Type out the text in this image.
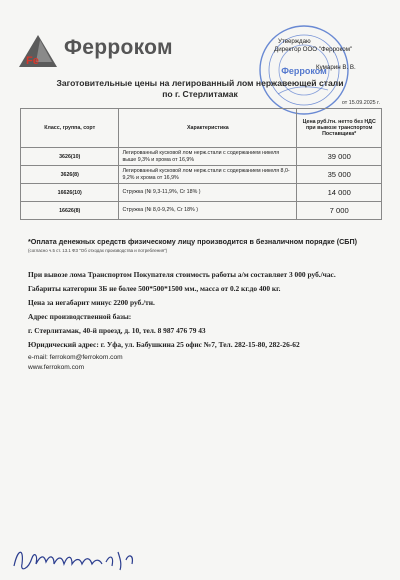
Fe
Ферроком
Ферроком
Утверждаю
Директор ООО "Ферроком"
Кумарин В. В.
Заготовительные цены на легированный лом нержавеющей стали
по г. Стерлитамак
от 15.09.2025 г.
Класс, группа, сорт	Характеристика	Цена руб./тн. нетто без НДС при вывозе транспортом Поставщика*
3626(10)	Легированный кусковой лом нерж.стали с содержанием никеля выше 9,3% и хрома от 16,9%	39 000
3626(8)	Легированный кусковой лом нерж.стали с содержанием никеля 8,0-9,2% и хрома от 16,9%	35 000
16626(10)	Стружка (Ni 9,3-11,9%, Cr 18% )	14 000
16626(8)	Стружка (Ni 8,0-9,2%, Cr 18% )	7 000
*Оплата денежных средств физическому лицу производится в безналичном порядке (СБП)
(согласно ч.5 ст. 13.1 ФЗ "Об отходах производства и потребления")
При вывозе лома Транспортом Покупателя стоимость работы а/м составляет 3 000 руб./час.
Габариты категории 3Б не более 500*500*1500 мм., масса от 0.2 кг.до 400 кг.
Цена за негабарит минус 2200 руб./тн.
Адрес производственной базы:
г. Стерлитамак, 40-й проезд, д. 10, тел. 8 987 476 79 43
Юридический адрес: г. Уфа, ул. Бабушкина 25 офис №7, Тел. 282-15-80, 282-26-62
e-mail: ferrokom@ferrokom.com
www.ferrokom.com
